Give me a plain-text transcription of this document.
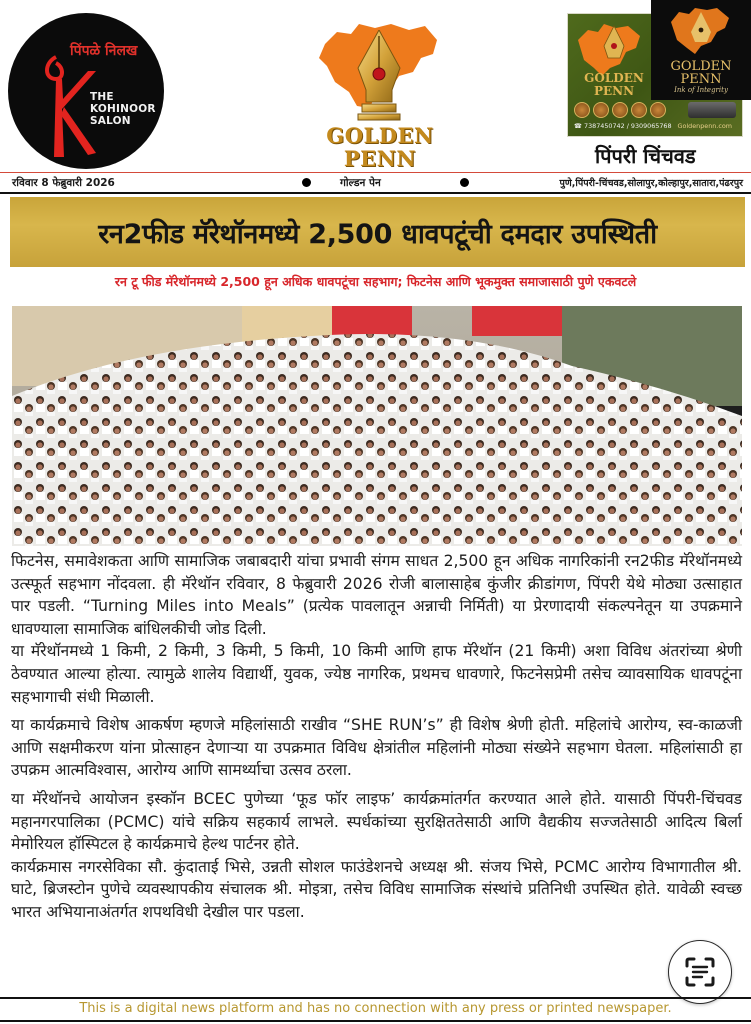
पिंपळे निलख
THE
KOHINOOR
SALON
GOLDEN
PENN
GOLDEN
PENN
☎ 7387450742 / 9309065768 Goldenpenn.com
GOLDEN
PENN
Ink of Integrity
पिंपरी चिंचवड
रविवार 8 फेब्रुवारी 2026	गोल्डन पेन	पुणे,पिंपरी-चिंचवड,सोलापुर,कोल्हापुर,सातारा,पंढरपुर
रन2फीड मॅरेथॉनमध्ये 2,500 धावपटूंची दमदार उपस्थिती
रन टू फीड मॅरेथॉनमध्ये 2,500 हून अधिक धावपटूंचा सहभाग; फिटनेस आणि भूकमुक्त समाजासाठी पुणे एकवटले

फिटनेस, समावेशकता आणि सामाजिक जबाबदारी यांचा प्रभावी संगम साधत 2,500 हून अधिक नागरिकांनी रन2फीड मॅरेथॉनमध्ये उत्स्फूर्त सहभाग नोंदवला. ही मॅरेथॉन रविवार, 8 फेब्रुवारी 2026 रोजी बालासाहेब कुंजीर क्रीडांगण, पिंपरी येथे मोठ्या उत्साहात पार पडली. “Turning Miles into Meals” (प्रत्येक पावलातून अन्नाची निर्मिती) या प्रेरणादायी संकल्पनेतून या उपक्रमाने धावण्याला सामाजिक बांधिलकीची जोड दिली.

या मॅरेथॉनमध्ये 1 किमी, 2 किमी, 3 किमी, 5 किमी, 10 किमी आणि हाफ मॅरेथॉन (21 किमी) अशा विविध अंतरांच्या श्रेणी ठेवण्यात आल्या होत्या. त्यामुळे शालेय विद्यार्थी, युवक, ज्येष्ठ नागरिक, प्रथमच धावणारे, फिटनेसप्रेमी तसेच व्यावसायिक धावपटूंना सहभागाची संधी मिळाली.

या कार्यक्रमाचे विशेष आकर्षण म्हणजे महिलांसाठी राखीव “SHE RUN’s” ही विशेष श्रेणी होती. महिलांचे आरोग्य, स्व-काळजी आणि सक्षमीकरण यांना प्रोत्साहन देणाऱ्या या उपक्रमात विविध क्षेत्रांतील महिलांनी मोठ्या संख्येने सहभाग घेतला. महिलांसाठी हा उपक्रम आत्मविश्वास, आरोग्य आणि सामर्थ्याचा उत्सव ठरला.

या मॅरेथॉनचे आयोजन इस्कॉन BCEC पुणेच्या ‘फूड फॉर लाइफ’ कार्यक्रमांतर्गत करण्यात आले होते. यासाठी पिंपरी-चिंचवड महानगरपालिका (PCMC) यांचे सक्रिय सहकार्य लाभले. स्पर्धकांच्या सुरक्षिततेसाठी आणि वैद्यकीय सज्जतेसाठी आदित्य बिर्ला मेमोरियल हॉस्पिटल हे कार्यक्रमाचे हेल्थ पार्टनर होते.

कार्यक्रमास नगरसेविका सौ. कुंदाताई भिसे, उन्नती सोशल फाउंडेशनचे अध्यक्ष श्री. संजय भिसे, PCMC आरोग्य विभागातील श्री. घाटे, ब्रिजस्टोन पुणेचे व्यवस्थापकीय संचालक श्री. मोइत्रा, तसेच विविध सामाजिक संस्थांचे प्रतिनिधी उपस्थित होते. यावेळी स्वच्छ भारत अभियानाअंतर्गत शपथविधी देखील पार पडला.

This is a digital news platform and has no connection with any press or printed newspaper.
